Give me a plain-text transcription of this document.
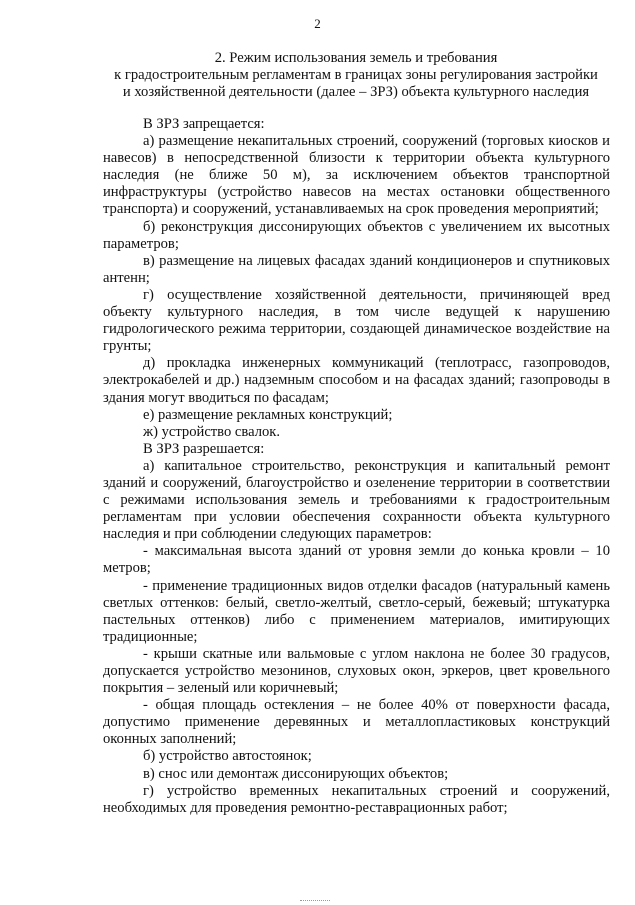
2
2. Режим использования земель и требования
к градостроительным регламентам в границах зоны регулирования застройки
и хозяйственной деятельности (далее – ЗРЗ) объекта культурного наследия

В ЗРЗ запрещается:

а) размещение некапитальных строений, сооружений (торговых киосков и навесов) в непосредственной близости к территории объекта культурного наследия (не ближе 50 м), за исключением объектов транспортной инфраструктуры (устройство навесов на местах остановки общественного транспорта) и сооружений, устанавливаемых на срок проведения мероприятий;

б) реконструкция диссонирующих объектов с увеличением их высотных параметров;

в) размещение на лицевых фасадах зданий кондиционеров и спутниковых антенн;

г) осуществление хозяйственной деятельности, причиняющей вред объекту культурного наследия, в том числе ведущей к нарушению гидрологического режима территории, создающей динамическое воздействие на грунты;

д) прокладка инженерных коммуникаций (теплотрасс, газопроводов, электрокабелей и др.) надземным способом и на фасадах зданий; газопроводы в здания могут вводиться по фасадам;

е) размещение рекламных конструкций;

ж) устройство свалок.

В ЗРЗ разрешается:

а) капитальное строительство, реконструкция и капитальный ремонт зданий и сооружений, благоустройство и озеленение территории в соответствии с режимами использования земель и требованиями к градостроительным регламентам при условии обеспечения сохранности объекта культурного наследия и при соблюдении следующих параметров:

- максимальная высота зданий от уровня земли до конька кровли – 10 метров;

- применение традиционных видов отделки фасадов (натуральный камень светлых оттенков: белый, светло-желтый, светло-серый, бежевый; штукатурка пастельных оттенков) либо с применением материалов, имитирующих традиционные;

- крыши скатные или вальмовые с углом наклона не более 30 градусов, допускается устройство мезонинов, слуховых окон, эркеров, цвет кровельного покрытия – зеленый или коричневый;

- общая площадь остекления – не более 40% от поверхности фасада, допустимо применение деревянных и металлопластиковых конструкций оконных заполнений;

б) устройство автостоянок;

в) снос или демонтаж диссонирующих объектов;

г) устройство временных некапитальных строений и сооружений, необходимых для проведения ремонтно-реставрационных работ;
